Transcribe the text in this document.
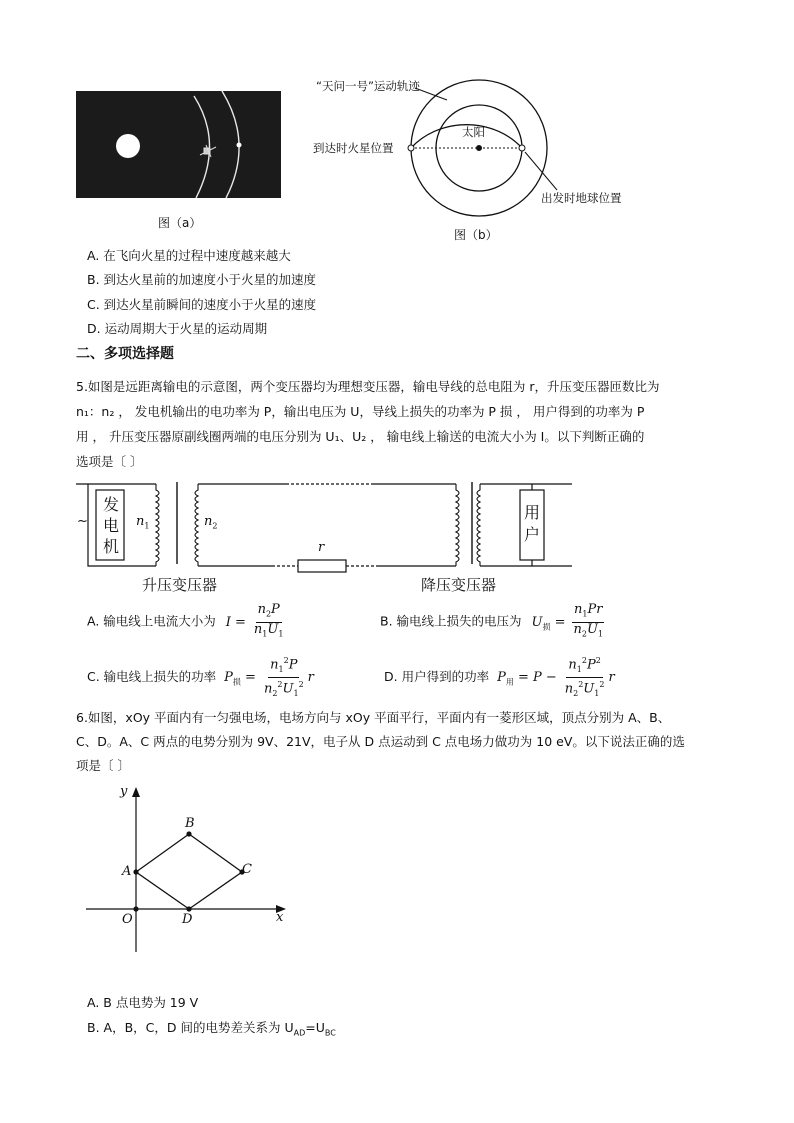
图（a）
“天问一号”运动轨迹
太阳
到达时火星位置
出发时地球位置
图（b）
A. 在飞向火星的过程中速度越来越大
B. 到达火星前的加速度小于火星的加速度
C. 到达火星前瞬间的速度小于火星的速度
D. 运动周期大于火星的运动周期
二、多项选择题
5.如图是远距离输电的示意图，两个变压器均为理想变压器，输电导线的总电阻为 r，升压变压器匝数比为
n₁：n₂ ， 发电机输出的电功率为 P，输出电压为 U，导线上损失的功率为 P 损 ， 用户得到的功率为 P
用 ， 升压变压器原副线圈两端的电压分别为 U₁、U₂ ， 输电线上输送的电流大小为 I。以下判断正确的
选项是〔 〕
发
电
机
用
户
~	$n_1$	$n_2$
r
升压变压器	降压变压器
A. 输电线上电流大小为 $I = \frac{n_2P}{n_1U_1}$	B. 输电线上损失的电压为 $U_损 = \frac{n_1Pr}{n_2U_1}$
C. 输电线上损失的功率 $P_损 = \frac{n_1^2P}{n_2^2U_1^2}$ r	D. 用户得到的功率 $P_用 = P - \frac{n_1^2P^2}{n_2^2U_1^2}$ r
6.如图，xOy 平面内有一匀强电场，电场方向与 xOy 平面平行，平面内有一菱形区域，顶点分别为 A、B、
C、D。A、C 两点的电势分别为 9V、21V，电子从 D 点运动到 C 点电场力做功为 10 eV。以下说法正确的选
项是〔 〕
y
x
O
A
B
C
D
A. B 点电势为 19 V
B. A，B，C，D 间的电势差关系为 $U_{AD}=U_{BC}$
